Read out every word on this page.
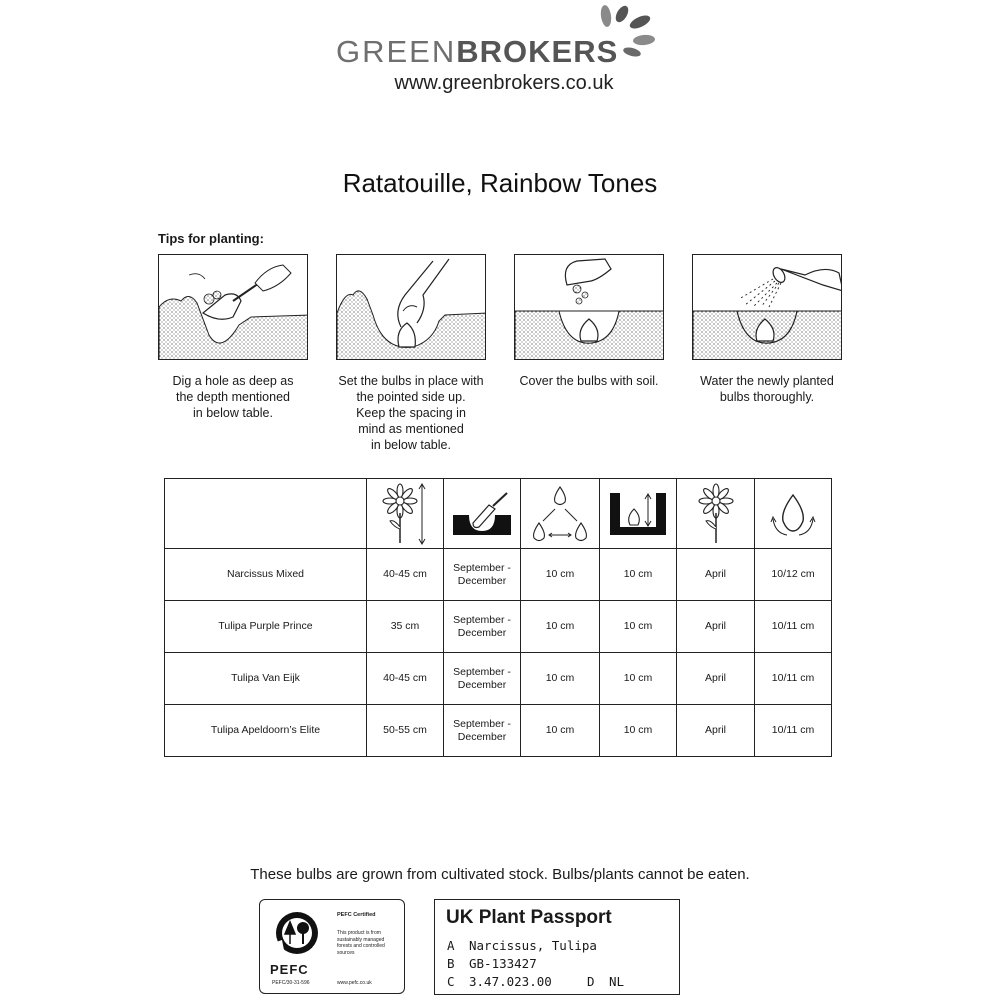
GREENBROKERS
www.greenbrokers.co.uk
Ratatouille, Rainbow Tones
Tips for planting:
Dig a hole as deep as
the depth mentioned
in below table.
Set the bulbs in place with
the pointed side up.
Keep the spacing in
mind as mentioned
in below table.
Cover the bulbs with soil.	Water the newly planted
bulbs thoroughly.

Narcissus Mixed	40-45 cm	September -
December	10 cm	10 cm	April	10/12 cm
Tulipa Purple Prince	35 cm	September -
December	10 cm	10 cm	April	10/11 cm
Tulipa Van Eijk	40-45 cm	September -
December	10 cm	10 cm	April	10/11 cm
Tulipa Apeldoorn’s Elite	50-55 cm	September -
December	10 cm	10 cm	April	10/11 cm
These bulbs are grown from cultivated stock. Bulbs/plants cannot be eaten.
PEFC
PEFC Certified
This product is from sustainably managed forests and controlled sources
PEFC/30-31-596	www.pefc.co.uk
UK Plant Passport
A Narcissus, Tulipa
B GB-133427
C 3.47.023.00	D NL
